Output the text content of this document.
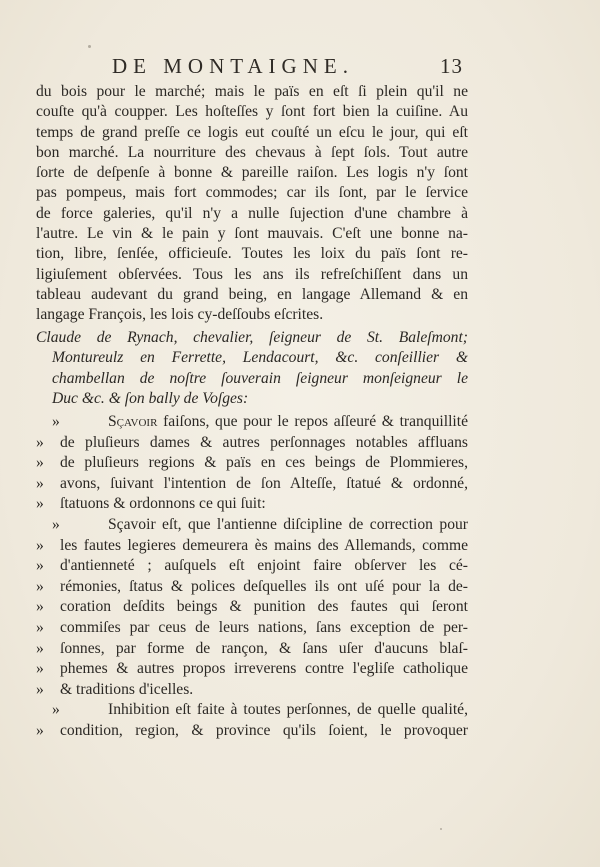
DE MONTAIGNE.	13
du bois pour le marché; mais le païs en eſt ſi plein qu'il ne
couſte qu'à coupper. Les hoſteſſes y ſont fort bien la cuiſine. Au
temps de grand preſſe ce logis eut couſté un eſcu le jour, qui eſt
bon marché. La nourriture des chevaus à ſept ſols. Tout autre
ſorte de deſpenſe à bonne & pareille raiſon. Les logis n'y ſont
pas pompeus, mais fort commodes; car ils ſont, par le ſervice
de force galeries, qu'il n'y a nulle ſujection d'une chambre à
l'autre. Le vin & le pain y ſont mauvais. C'eſt une bonne na-
tion, libre, ſenſée, officieuſe. Toutes les loix du païs ſont re-
ligiuſement obſervées. Tous les ans ils refreſchiſſent dans un
tableau audevant du grand being, en langage Allemand & en
langage François, les lois cy-deſſoubs eſcrites.
Claude de Rynach, chevalier, ſeigneur de St. Baleſmont;
Montureulz en Ferrette, Lendacourt, &c. conſeillier &
chambellan de noſtre ſouverain ſeigneur monſeigneur le
Duc &c. & ſon bally de Voſges:
»	Sçavoir faiſons, que pour le repos aſſeuré & tranquillité
»	de pluſieurs dames & autres perſonnages notables affluans
»	de pluſieurs regions & païs en ces beings de Plommieres,
»	avons, ſuivant l'intention de ſon Alteſſe, ſtatué & ordonné,
»	ſtatuons & ordonnons ce qui ſuit:
»	Sçavoir eſt, que l'antienne diſcipline de correction pour
»	les fautes legieres demeurera ès mains des Allemands, comme
»	d'antienneté ; auſquels eſt enjoint faire obſerver les cé-
»	rémonies, ſtatus & polices deſquelles ils ont uſé pour la de-
»	coration deſdits beings & punition des fautes qui ſeront
»	commiſes par ceus de leurs nations, ſans exception de per-
»	ſonnes, par forme de rançon, & ſans uſer d'aucuns blaſ-
»	phemes & autres propos irreverens contre l'egliſe catholique
»	& traditions d'icelles.
»	Inhibition eſt faite à toutes perſonnes, de quelle qualité,
»	condition, region, & province qu'ils ſoient, le provoquer
